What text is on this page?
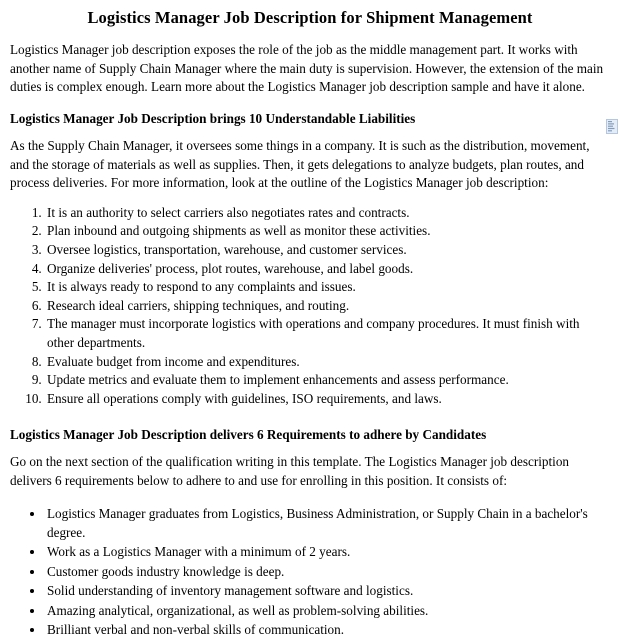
Logistics Manager Job Description for Shipment Management

Logistics Manager job description exposes the role of the job as the middle management part. It works with another name of Supply Chain Manager where the main duty is supervision. However, the extension of the main duties is complex enough. Learn more about the Logistics Manager job description sample and have it alone.

Logistics Manager Job Description brings 10 Understandable Liabilities

As the Supply Chain Manager, it oversees some things in a company. It is such as the distribution, movement, and the storage of materials as well as supplies. Then, it gets delegations to analyze budgets, plan routes, and process deliveries. For more information, look at the outline of the Logistics Manager job description:

1. It is an authority to select carriers also negotiates rates and contracts.
2. Plan inbound and outgoing shipments as well as monitor these activities.
3. Oversee logistics, transportation, warehouse, and customer services.
4. Organize deliveries' process, plot routes, warehouse, and label goods.
5. It is always ready to respond to any complaints and issues.
6. Research ideal carriers, shipping techniques, and routing.
7. The manager must incorporate logistics with operations and company procedures. It must finish with other departments.
8. Evaluate budget from income and expenditures.
9. Update metrics and evaluate them to implement enhancements and assess performance.
10. Ensure all operations comply with guidelines, ISO requirements, and laws.
Logistics Manager Job Description delivers 6 Requirements to adhere by Candidates

Go on the next section of the qualification writing in this template. The Logistics Manager job description delivers 6 requirements below to adhere to and use for enrolling in this position. It consists of:

• Logistics Manager graduates from Logistics, Business Administration, or Supply Chain in a bachelor's degree.
• Work as a Logistics Manager with a minimum of 2 years.
• Customer goods industry knowledge is deep.
• Solid understanding of inventory management software and logistics.
• Amazing analytical, organizational, as well as problem-solving abilities.
• Brilliant verbal and non-verbal skills of communication.
